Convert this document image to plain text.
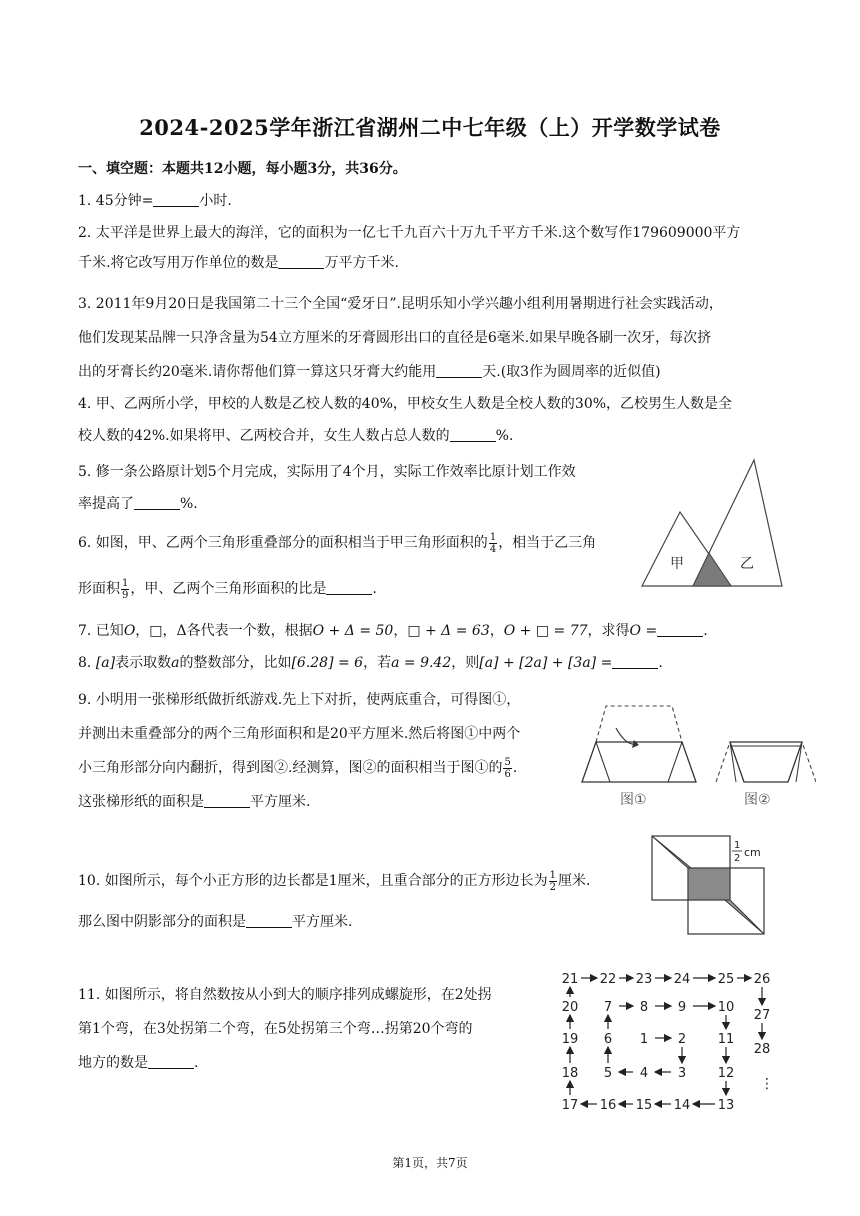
2024-2025学年浙江省湖州二中七年级（上）开学数学试卷
一、填空题：本题共12小题，每小题3分，共36分。
1. 45分钟=	小时.
2. 太平洋是世界上最大的海洋，它的面积为一亿七千九百六十万九千平方千米.这个数写作179609000平方
千米.将它改写用万作单位的数是	万平方千米.
3. 2011年9月20日是我国第二十三个全国“爱牙日”.昆明乐知小学兴趣小组利用暑期进行社会实践活动，
他们发现某品牌一只净含量为54立方厘米的牙膏圆形出口的直径是6毫米.如果早晚各刷一次牙，每次挤
出的牙膏长约20毫米.请你帮他们算一算这只牙膏大约能用	天.(取3作为圆周率的近似值)
4. 甲、乙两所小学，甲校的人数是乙校人数的40%，甲校女生人数是全校人数的30%，乙校男生人数是全
校人数的42%.如果将甲、乙两校合并，女生人数占总人数的	%.
5. 修一条公路原计划5个月完成，实际用了4个月，实际工作效率比原计划工作效
率提高了	%.
6. 如图，甲、乙两个三角形重叠部分的面积相当于甲三角形面积的 $\frac{1}{4}$ ，相当于乙三角
形面积 $\frac{1}{9}$ ，甲、乙两个三角形面积的比是	.
甲	乙
7. 已知𝑂，□，Δ各代表一个数，根据𝑂 + Δ = 50，□ + Δ = 63，𝑂 + □ = 77，求得𝑂 =	.
8. [𝑎]表示取数𝑎的整数部分，比如[6.28] = 6，若𝑎 = 9.42，则[𝑎] + [2𝑎] + [3𝑎] =	.
9. 小明用一张梯形纸做折纸游戏.先上下对折，使两底重合，可得图①，
并测出未重叠部分的两个三角形面积和是20平方厘米.然后将图①中两个
小三角形部分向内翻折，得到图②.经测算，图②的面积相当于图①的 $\frac{5}{6}$ .
这张梯形纸的面积是	平方厘米.	图①	图②
10. 如图所示，每个小正方形的边长都是1厘米，且重合部分的正方形边长为 $\frac{1}{2}$ 厘米.
那么图中阴影部分的面积是	平方厘米.
1
2 cm
11. 如图所示，将自然数按从小到大的顺序排列成螺旋形，在2处拐
第1个弯，在3处拐第二个弯，在5处拐第三个弯…拐第20个弯的
地方的数是	.
⋮
1 2
3
4
5
6
7 8 9 10
11
12
13
14
15
16
17
18
19
20
21 22 23 24 25 26
27
28
第1页，共7页
